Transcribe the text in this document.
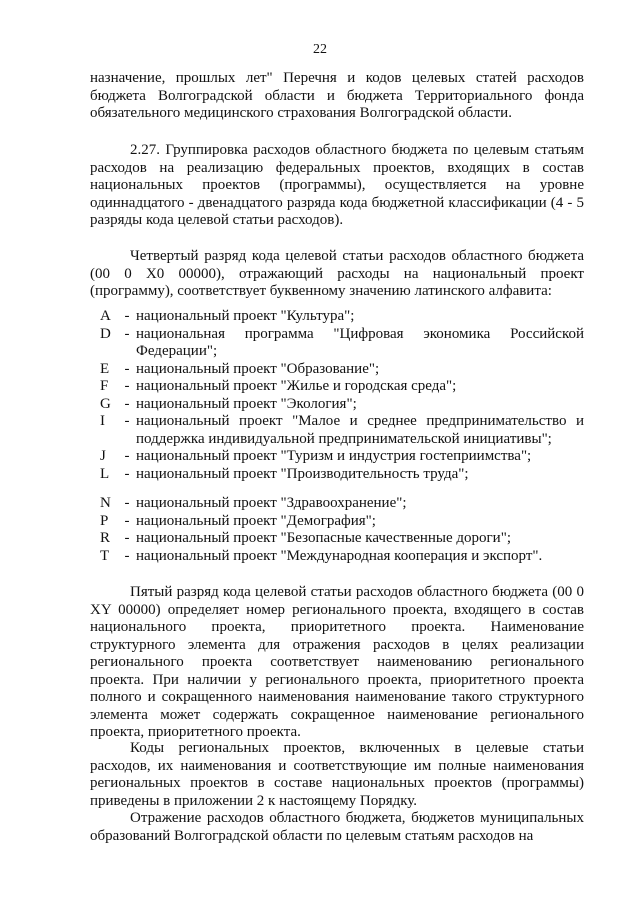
22

назначение, прошлых лет" Перечня и кодов целевых статей расходов бюджета Волгоградской области и бюджета Территориального фонда обязательного медицинского страхования Волгоградской области.

2.27. Группировка расходов областного бюджета по целевым статьям расходов на реализацию федеральных проектов, входящих в состав национальных проектов (программы), осуществляется на уровне одиннадцатого - двенадцатого разряда кода бюджетной классификации (4 - 5 разряды кода целевой статьи расходов).

Четвертый разряд кода целевой статьи расходов областного бюджета (00 0 X0 00000), отражающий расходы на национальный проект (программу), соответствует буквенному значению латинского алфавита:

A - национальный проект "Культура";
D - национальная программа "Цифровая экономика Российской Федерации";
E	- национальный проект "Образование";
F	- национальный проект "Жилье и городская среда";
G - национальный проект "Экология";
I	- национальный проект "Малое и среднее предпринимательство и поддержка индивидуальной предпринимательской инициативы";
J	- национальный проект "Туризм и индустрия гостеприимства";
L	- национальный проект "Производительность труда";
N - национальный проект "Здравоохранение";
P	- национальный проект "Демография";
R - национальный проект "Безопасные качественные дороги";
T	- национальный проект "Международная кооперация и экспорт".

Пятый разряд кода целевой статьи расходов областного бюджета (00 0 XY 00000) определяет номер регионального проекта, входящего в состав национального проекта, приоритетного проекта. Наименование структурного элемента для отражения расходов в целях реализации регионального проекта соответствует наименованию регионального проекта. При наличии у регионального проекта, приоритетного проекта полного и сокращенного наименования наименование такого структурного элемента может содержать сокращенное наименование регионального проекта, приоритетного проекта.

Коды региональных проектов, включенных в целевые статьи расходов, их наименования и соответствующие им полные наименования региональных проектов в составе национальных проектов (программы) приведены в приложении 2 к настоящему Порядку.

Отражение расходов областного бюджета, бюджетов муниципальных образований Волгоградской области по целевым статьям расходов на
